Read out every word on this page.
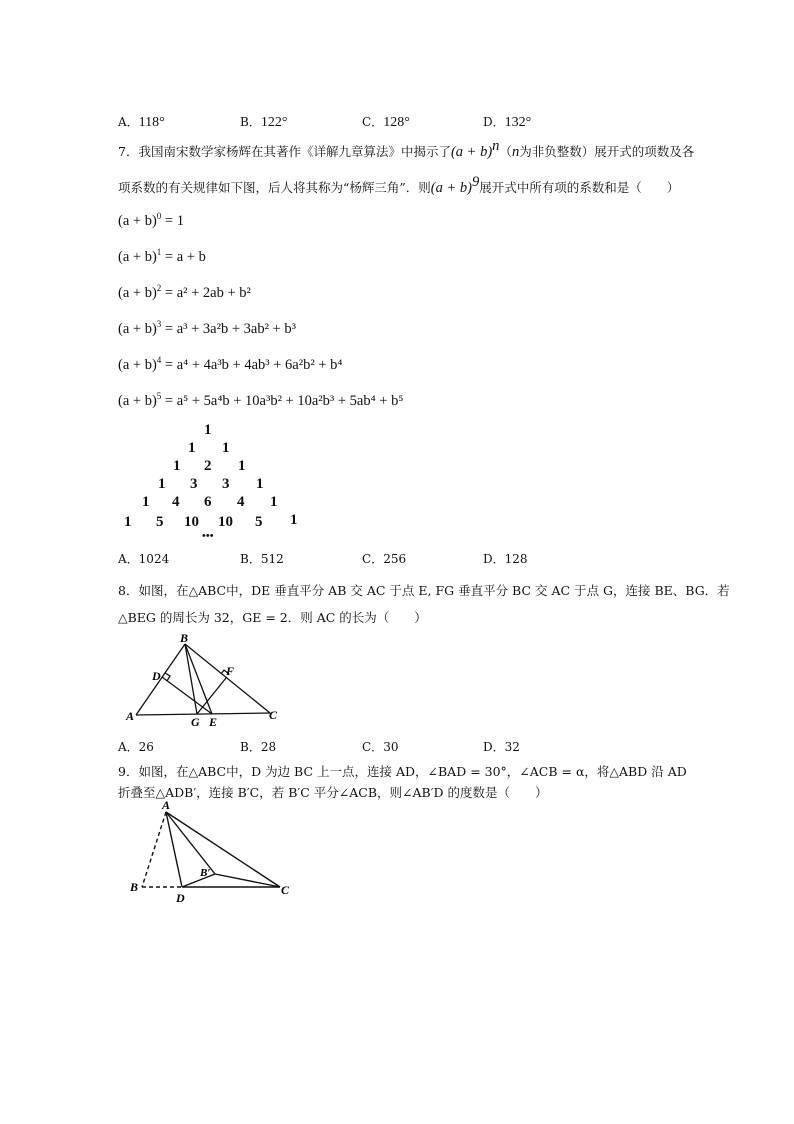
A．118°	B．122°	C．128°	D．132°
7．我国南宋数学家杨辉在其著作《详解九章算法》中揭示了$(a + b)^n(n$为非负整数）展开式的项数及各
项系数的有关规律如下图，后人将其称为“杨辉三角”．则$(a + b)^9$展开式中所有项的系数和是（　　）
$(a + b)^0 = 1$
$(a + b)^1 = a + b$
$(a + b)^2 = a^2 + 2ab + b^2$
$(a + b)^3 = a^3 + 3a^2b + 3ab^2 + b^3$
$(a + b)^4 = a^4 + 4a^3b + 4ab^3 + 6a^2b^2 + b^4$
$(a + b)^5 = a^5 + 5a^4b + 10a^3b^2 + 10a^2b^3 + 5ab^4 + b^5$
1
1 1
1 2 1
1 3 3 1
1 4 6 4 1
1 5 10 10 5 1
•••
A．1024	B．512	C．256	D．128
8．如图，在△ABC中，DE 垂直平分 AB 交 AC 于点 E, FG 垂直平分 BC 交 AC 于点 G，连接 BE、BG．若
△BEG 的周长为 32，GE = 2．则 AC 的长为（　　）
B
D	F
A	G E	C
A．26	B．28	C．30	D．32
9．如图，在△ABC中，D 为边 BC 上一点，连接 AD，∠BAD = 30°，∠ACB = α，将△ABD 沿 AD
折叠至△ADB′，连接 B′C，若 B′C 平分∠ACB，则∠AB′D 的度数是（　　）
A
B
B′
D
C
